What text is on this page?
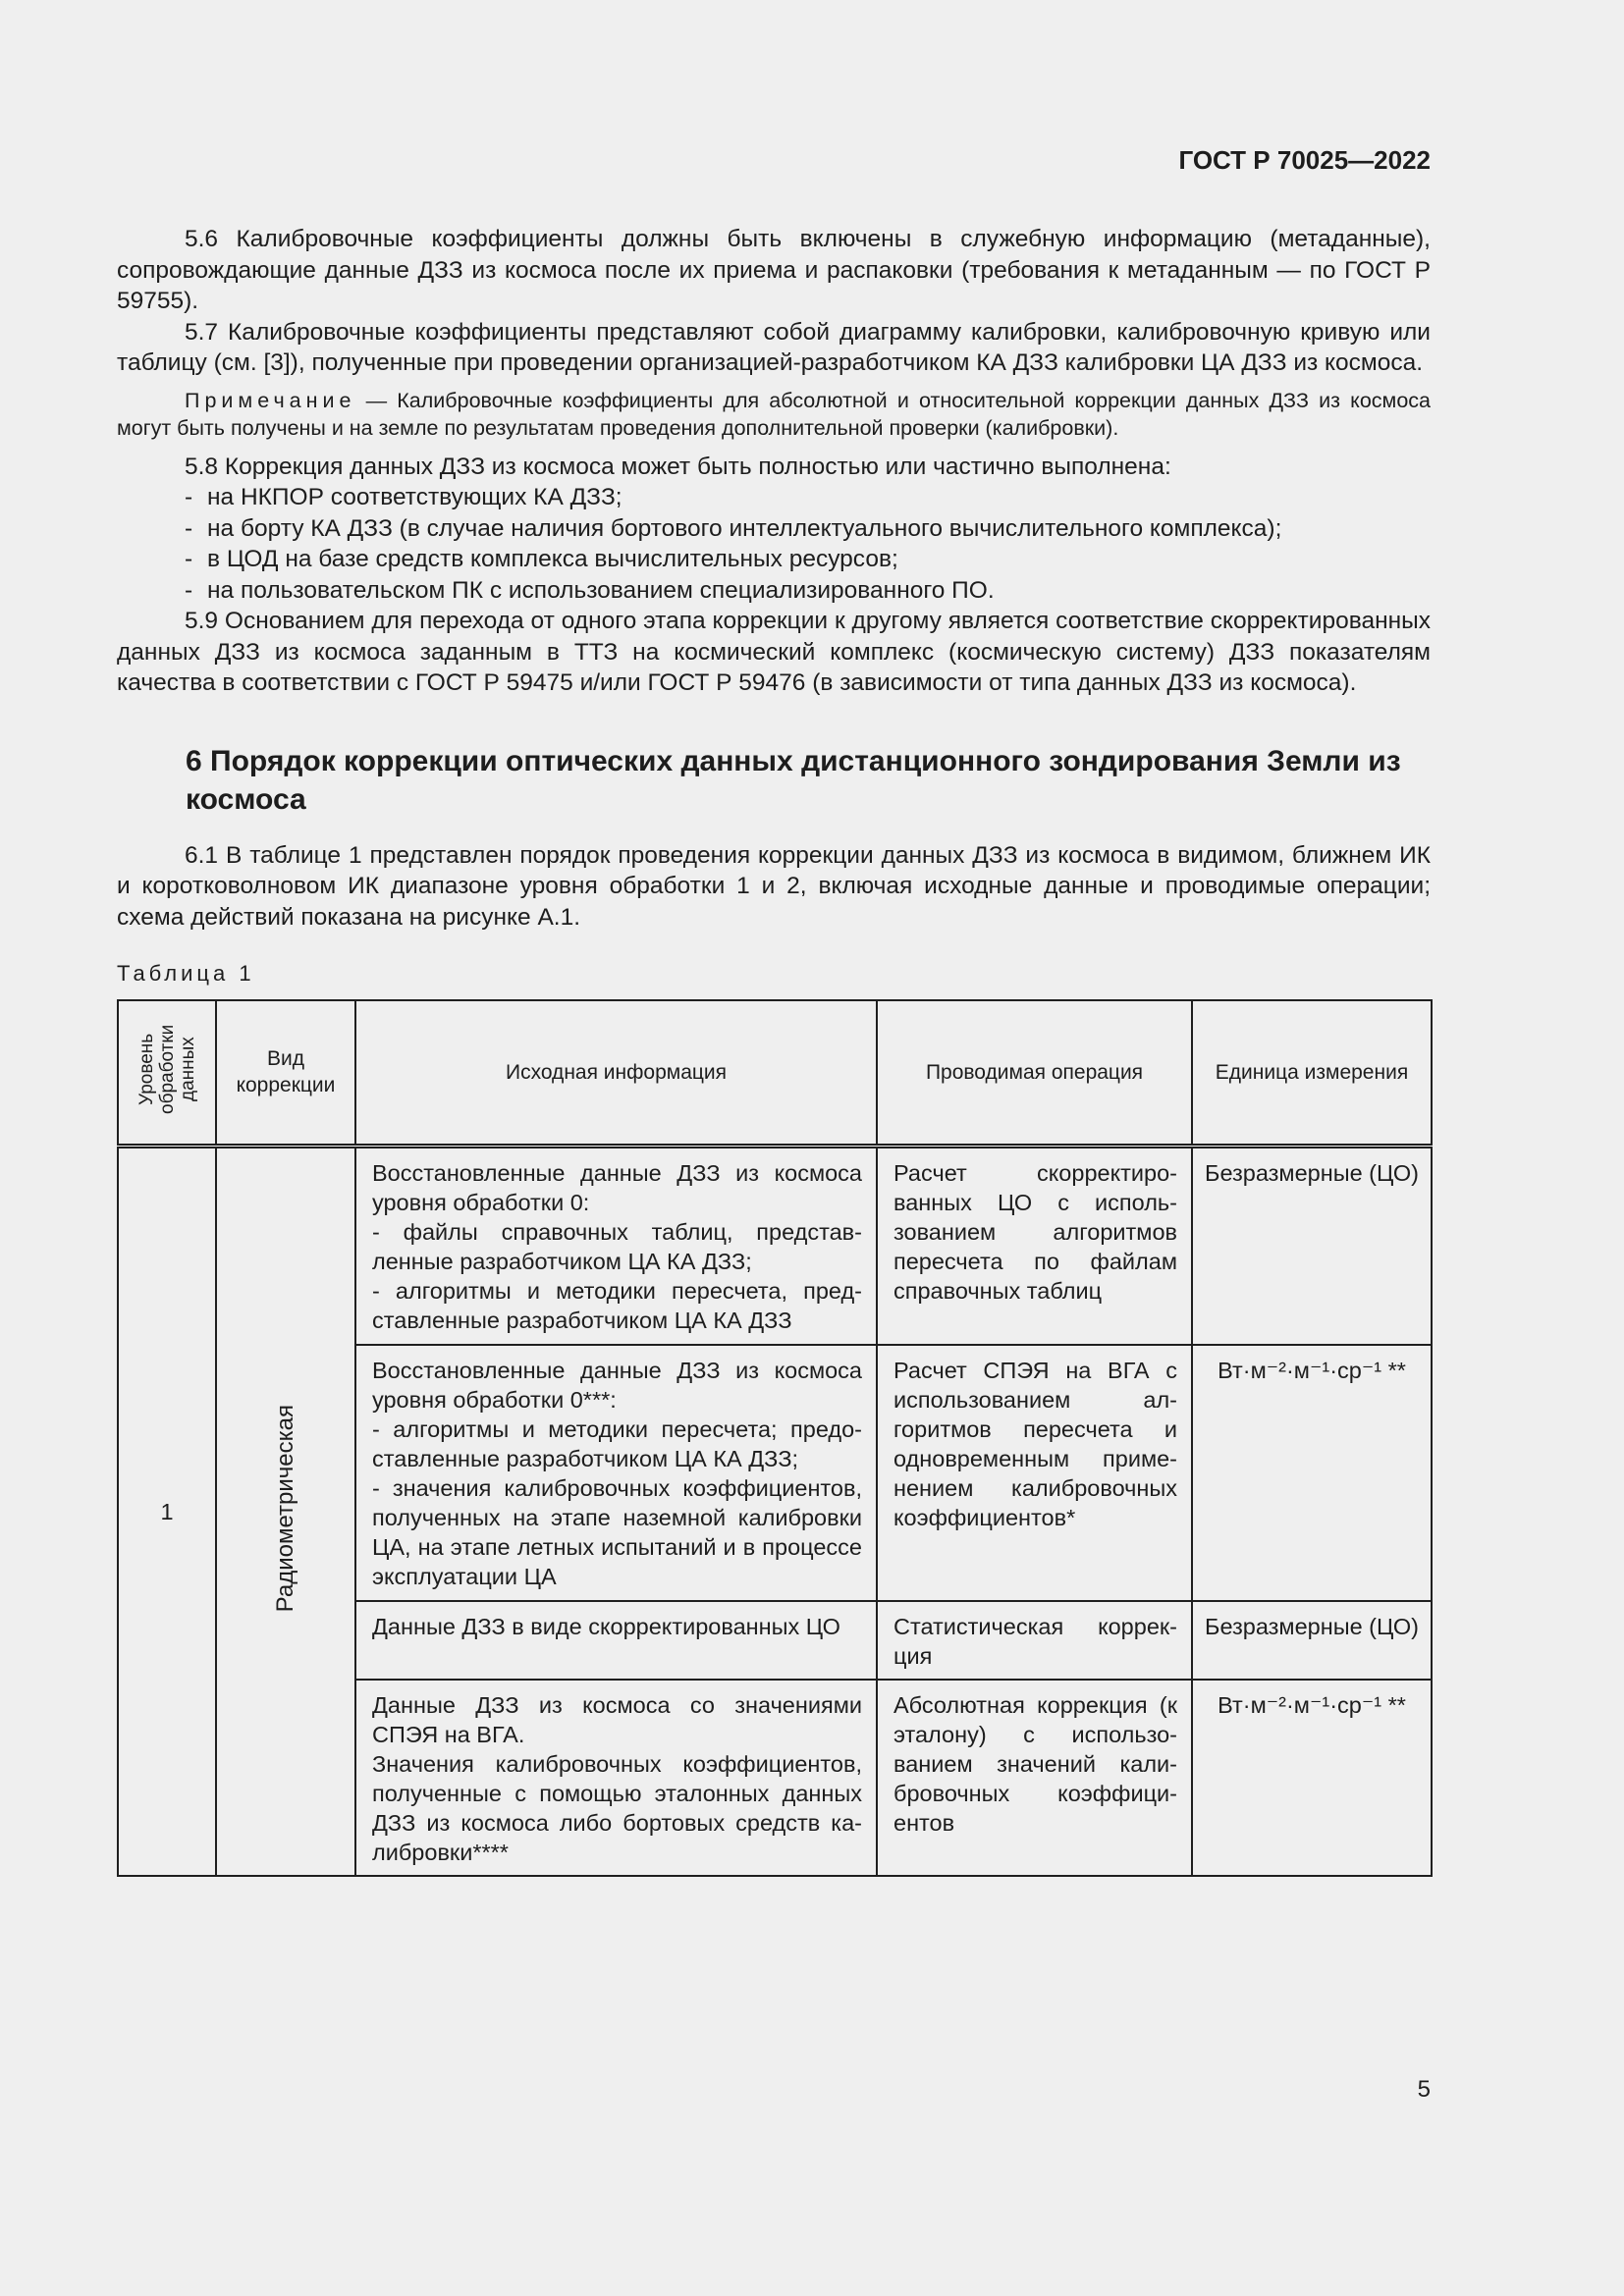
ГОСТ Р 70025—2022

5.6 Калибровочные коэффициенты должны быть включены в служебную информацию (метаданные), сопровождающие данные ДЗЗ из космоса после их приема и распаковки (требования к метаданным — по ГОСТ Р 59755).

5.7 Калибровочные коэффициенты представляют собой диаграмму калибровки, калибровочную кривую или таблицу (см. [3]), полученные при проведении организацией-разработчиком КА ДЗЗ калибровки ЦА ДЗЗ из космоса.

Примечание — Калибровочные коэффициенты для абсолютной и относительной коррекции данных ДЗЗ из космоса могут быть получены и на земле по результатам проведения дополнительной проверки (калибровки).

5.8 Коррекция данных ДЗЗ из космоса может быть полностью или частично выполнена:

- на НКПОР соответствующих КА ДЗЗ;
- на борту КА ДЗЗ (в случае наличия бортового интеллектуального вычислительного комплекса);
- в ЦОД на базе средств комплекса вычислительных ресурсов;
- на пользовательском ПК с использованием специализированного ПО.

5.9 Основанием для перехода от одного этапа коррекции к другому является соответствие скорректированных данных ДЗЗ из космоса заданным в ТТЗ на космический комплекс (космическую систему) ДЗЗ показателям качества в соответствии с ГОСТ Р 59475 и/или ГОСТ Р 59476 (в зависимости от типа данных ДЗЗ из космоса).

6 Порядок коррекции оптических данных дистанционного зондирования Земли из космоса

6.1 В таблице 1 представлен порядок проведения коррекции данных ДЗЗ из космоса в видимом, ближнем ИК и коротковолновом ИК диапазоне уровня обработки 1 и 2, включая исходные данные и проводимые операции; схема действий показана на рисунке А.1.

Таблица 1
Уровень обработки данных	Вид коррекции	Исходная информация	Проводимая операция	Единица измерения
1	Радиометрическая	Восстановленные данные ДЗЗ из космоса уровня обработки 0:
- файлы справочных таблиц, представленные разработчиком ЦА КА ДЗЗ;
- алгоритмы и методики пересчета, представленные разработчиком ЦА КА ДЗЗ	Расчет скорректированных ЦО с использованием алгоритмов пересчета по файлам справочных таблиц	Безразмерные (ЦО)
		Восстановленные данные ДЗЗ из космоса уровня обработки 0***:
- алгоритмы и методики пересчета; предоставленные разработчиком ЦА КА ДЗЗ;
- значения калибровочных коэффициентов, полученных на этапе наземной калибровки ЦА, на этапе летных испытаний и в процессе эксплуатации ЦА	Расчет СПЭЯ на ВГА с использованием алгоритмов пересчета и одновременным применением калибровочных коэффициентов*	Вт·м⁻²·м⁻¹·ср⁻¹ **
		Данные ДЗЗ в виде скорректированных ЦО	Статистическая коррекция	Безразмерные (ЦО)
		Данные ДЗЗ из космоса со значениями СПЭЯ на ВГА.
Значения калибровочных коэффициентов, полученные с помощью эталонных данных ДЗЗ из космоса либо бортовых средств калибровки****	Абсолютная коррекция (к эталону) с использованием значений калибровочных коэффициентов	Вт·м⁻²·м⁻¹·ср⁻¹ **
5
